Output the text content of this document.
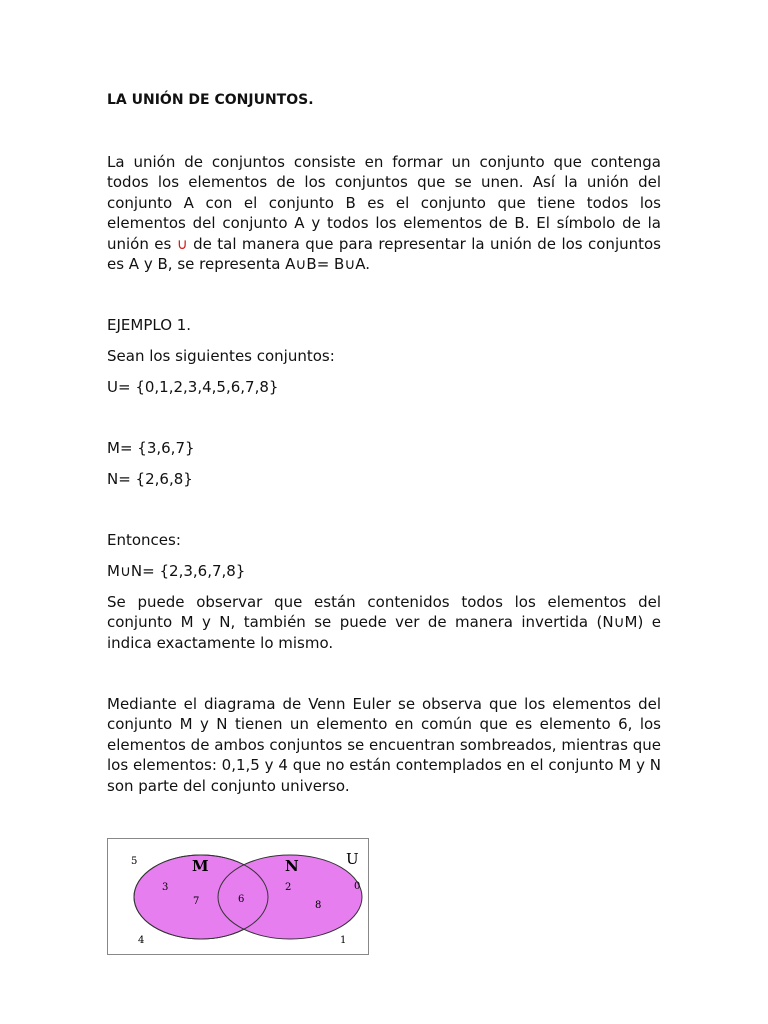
LA UNIÓN DE CONJUNTOS.

La unión de conjuntos consiste en formar un conjunto que contenga todos los elementos de los conjuntos que se unen. Así la unión del conjunto A con el conjunto B es el conjunto que tiene todos los elementos del conjunto A y todos los elementos de B. El símbolo de la unión es ∪ de tal manera que para representar la unión de los conjuntos es A y B, se representa A∪B= B∪A.

EJEMPLO 1.

Sean los siguientes conjuntos:

U= {0,1,2,3,4,5,6,7,8}

M= {3,6,7}

N= {2,6,8}

Entonces:

M∪N= {2,3,6,7,8}

Se puede observar que están contenidos todos los elementos del conjunto M y N, también se puede ver de manera invertida (N∪M) e indica exactamente lo mismo.

Mediante el diagrama de Venn Euler se observa que los elementos del conjunto M y N tienen un elemento en común que es elemento 6, los elementos de ambos conjuntos se encuentran sombreados, mientras que los elementos: 0,1,5 y 4 que no están contemplados en el conjunto M y N son parte del conjunto universo.

M	N	U
3
7	6
2
8
5
0
4	1
